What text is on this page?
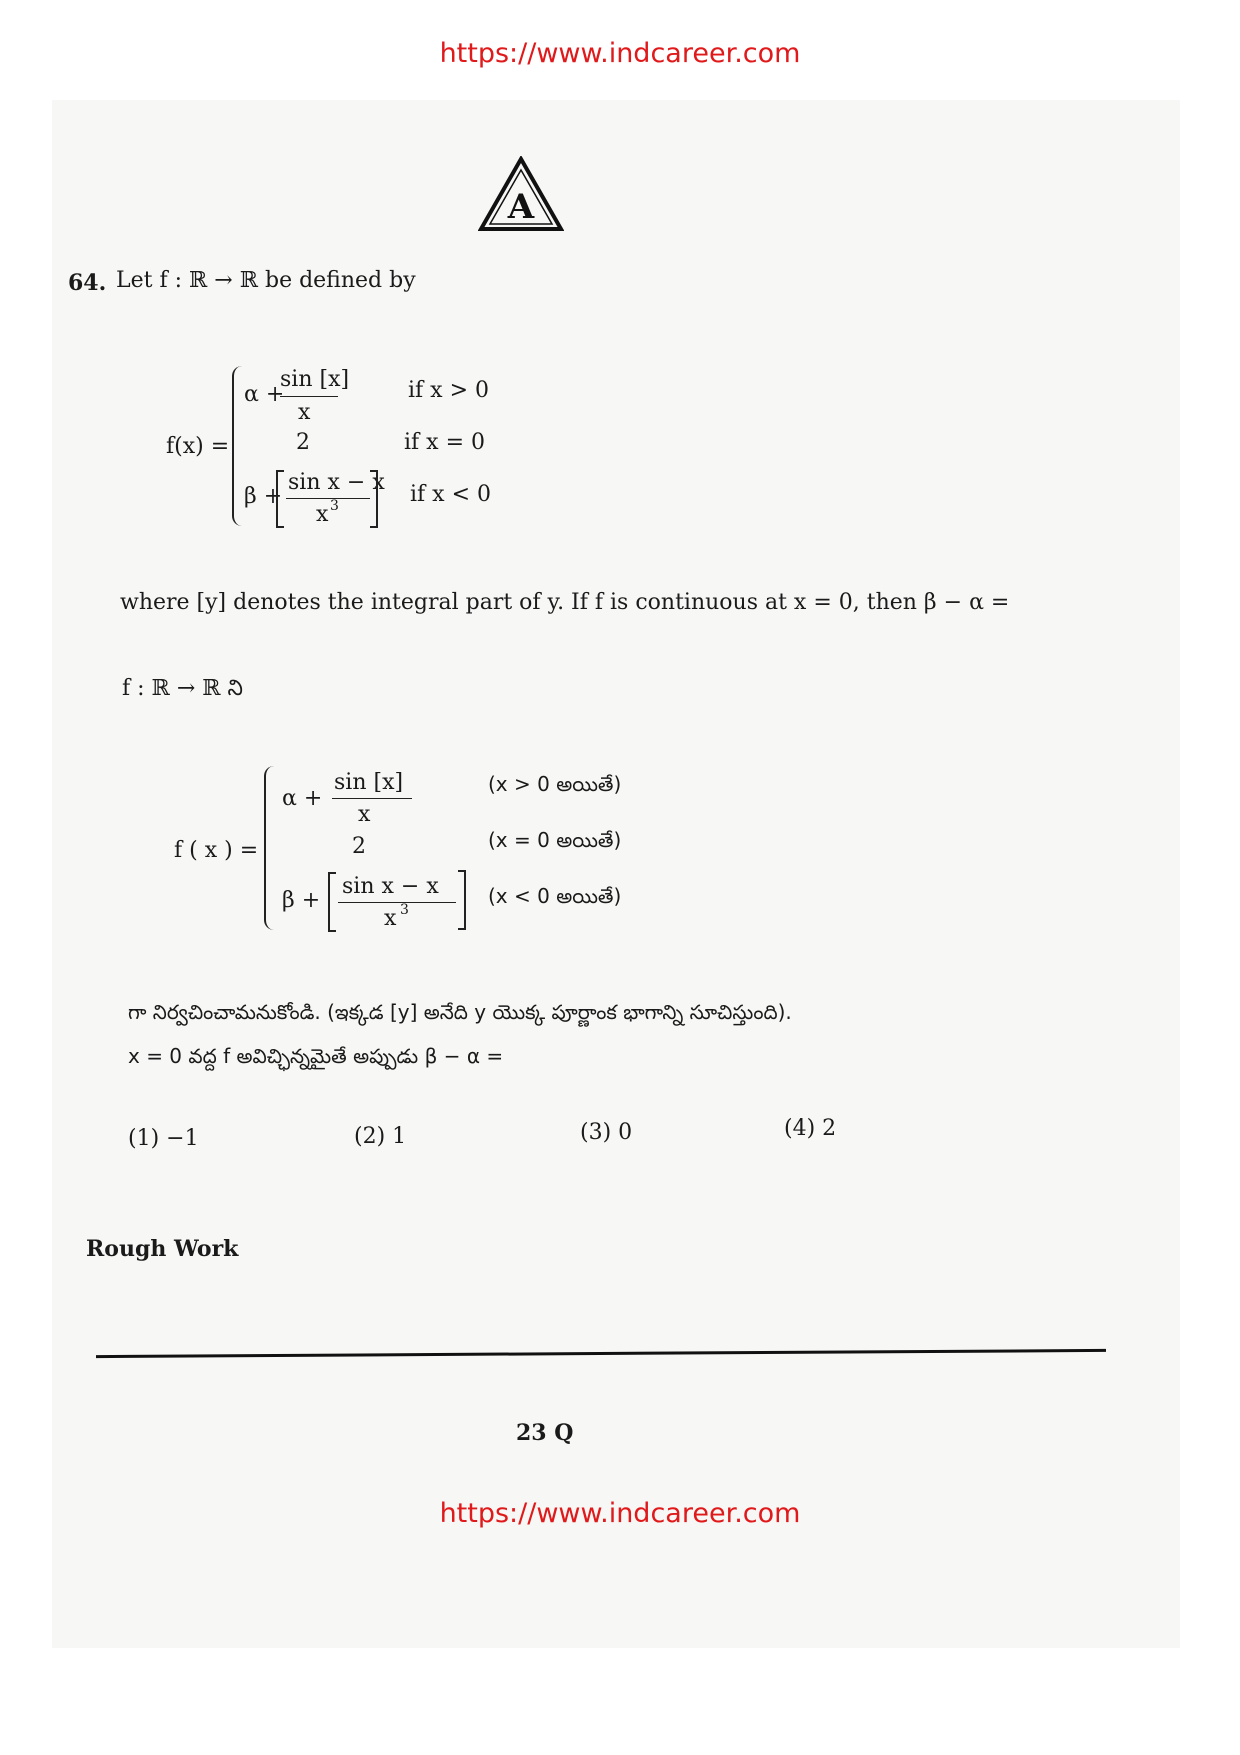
https://www.indcareer.com
A
64. Let f : ℝ → ℝ be defined by
f(x) =
α +
sin [x]
x
if x > 0
2	if x = 0
β +
sin x − x
x 3	if x < 0
where [y] denotes the integral part of y. If f is continuous at x = 0, then β − α =
f : ℝ → ℝ ని
f ( x ) =
α +
sin [x]
x
(x > 0 అయితే)
2	(x = 0 అయితే)
β +
sin x − x
x 3
(x < 0 అయితే)
గా నిర్వచించామనుకోండి. (ఇక్కడ [y] అనేది y యొక్క పూర్ణాంక భాగాన్ని సూచిస్తుంది).
x = 0 వద్ద f అవిచ్ఛిన్నమైతే అప్పుడు β − α =
(1) −1	(2) 1	(3) 0	(4) 2
Rough Work
23 Q
https://www.indcareer.com
